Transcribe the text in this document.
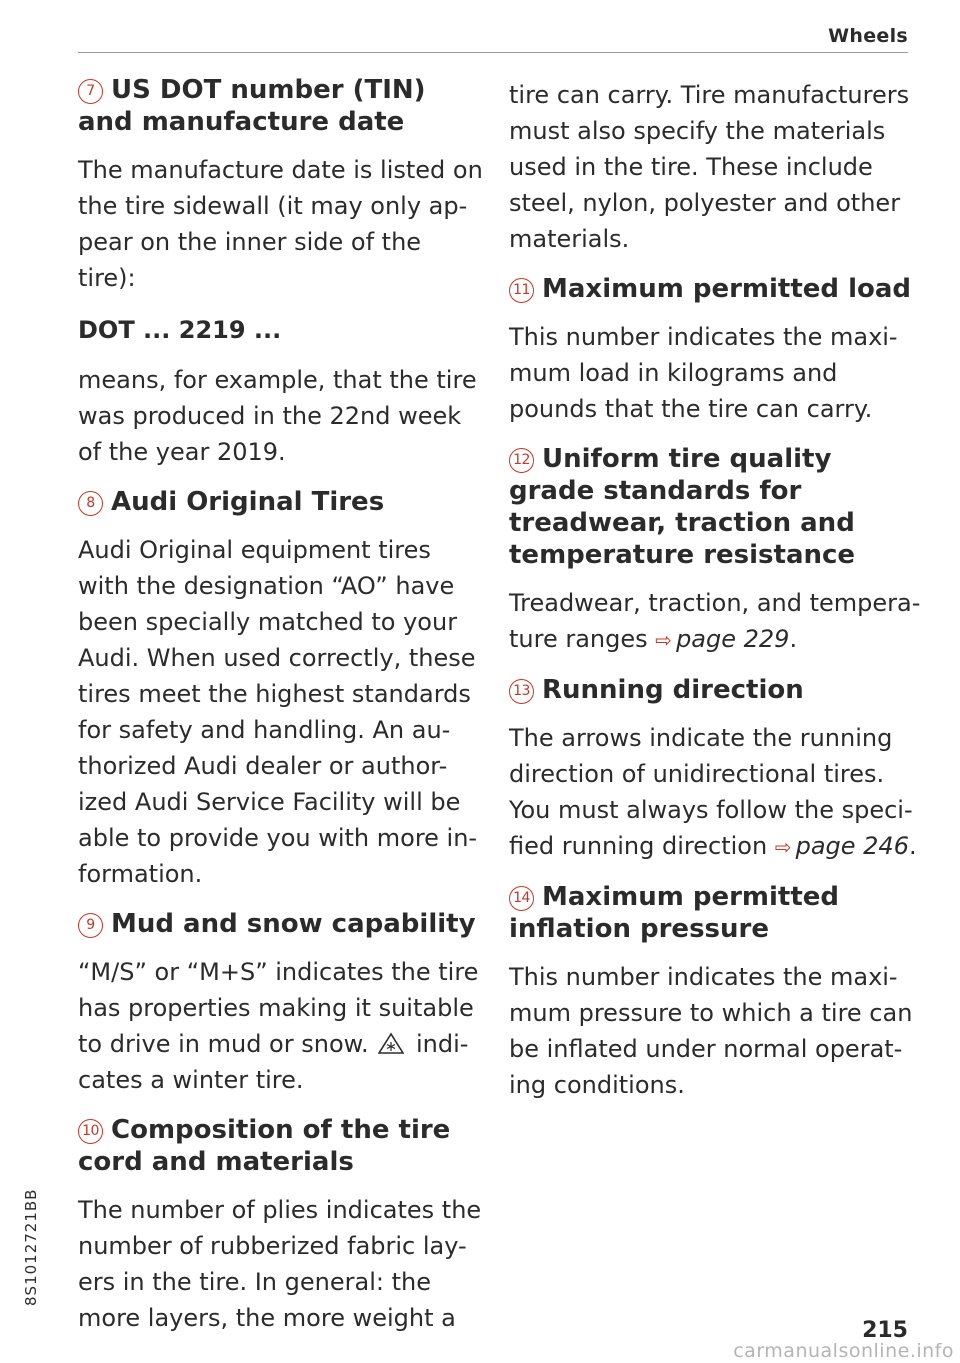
Wheels
7 US DOT number (TIN) and manufacture date

The manufacture date is listed on the tire sidewall (it may only ap-pear on the inner side of the tire):

DOT ... 2219 ...

means, for example, that the tire was produced in the 22nd week of the year 2019.

8 Audi Original Tires

Audi Original equipment tires with the designation “AO” have been specially matched to your Audi. When used correctly, these tires meet the highest standards for safety and handling. An au-thorized Audi dealer or author-ized Audi Service Facility will be able to provide you with more in-formation.

9 Mud and snow capability

“M/S” or “M+S” indicates the tire has properties making it suitable to drive in mud or snow. indi-cates a winter tire.

10 Composition of the tire cord and materials

The number of plies indicates the number of rubberized fabric lay-ers in the tire. In general: the more layers, the more weight a

tire can carry. Tire manufacturers must also specify the materials used in the tire. These include steel, nylon, polyester and other materials.

11 Maximum permitted load

This number indicates the maxi-mum load in kilograms and pounds that the tire can carry.

12 Uniform tire quality grade standards for treadwear, traction and temperature resistance

Treadwear, traction, and tempera-ture ranges ⇨ page 229.

13 Running direction

The arrows indicate the running direction of unidirectional tires. You must always follow the speci-fied running direction ⇨ page 246.

14 Maximum permitted inflation pressure

This number indicates the maxi-mum pressure to which a tire can be inflated under normal operat-ing conditions.

8S1012721BB
215
carmanualsonline.info
